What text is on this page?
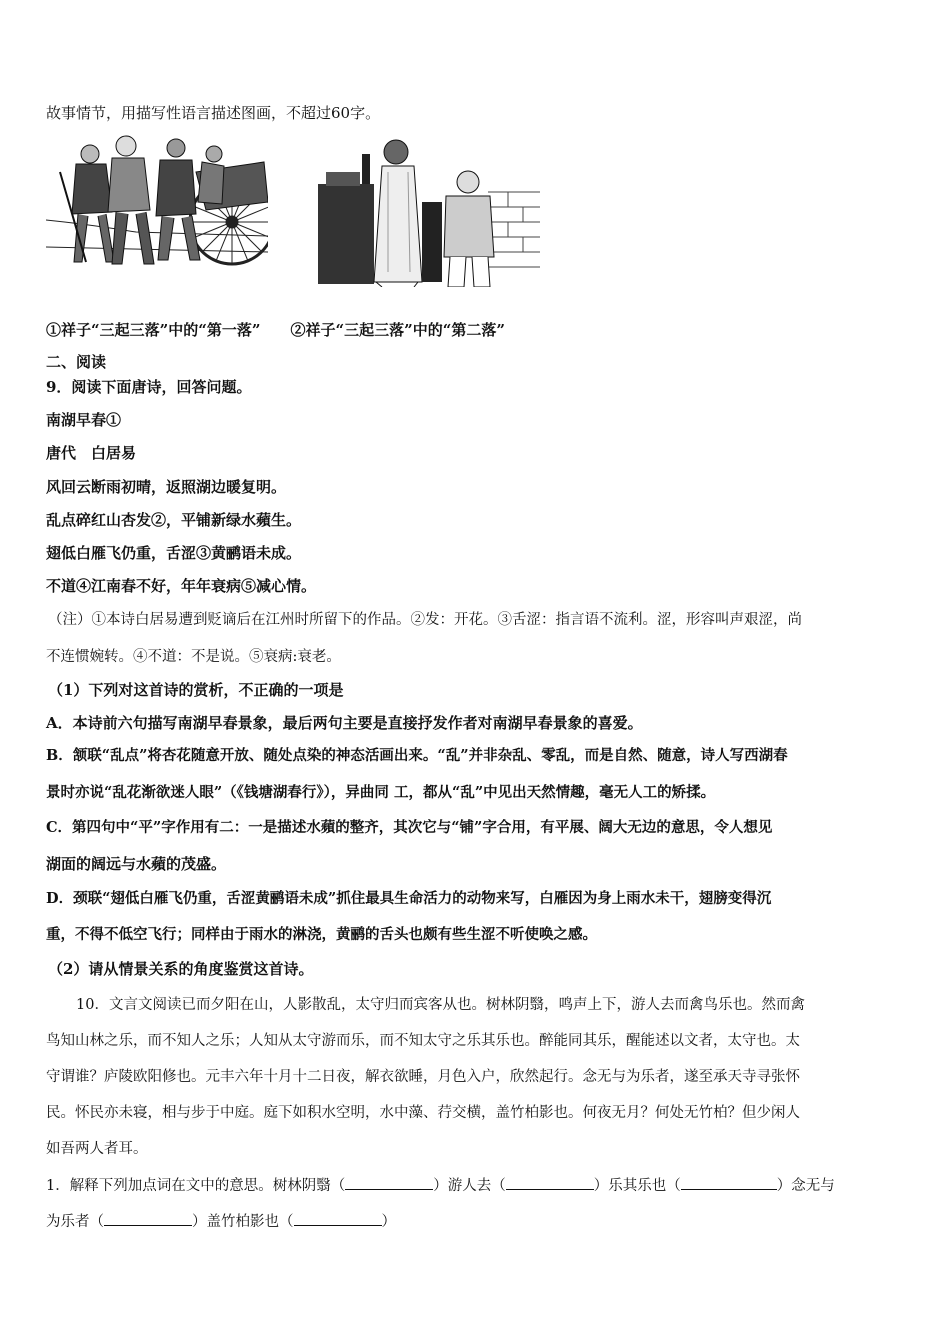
故事情节，用描写性语言描述图画，不超过60字。
①祥子“三起三落”中的“第一落” ②祥子“三起三落”中的“第二落”
二、阅读
9．阅读下面唐诗，回答问题。
南湖早春①
唐代　白居易
风回云断雨初晴，返照湖边暖复明。
乱点碎红山杏发②，平铺新绿水蘋生。
翅低白雁飞仍重，舌涩③黄鹂语未成。
不道④江南春不好，年年衰病⑤减心情。
（注）①本诗白居易遭到贬谪后在江州时所留下的作品。②发：开花。③舌涩：指言语不流利。涩，形容叫声艰涩，尚
不连惯婉转。④不道：不是说。⑤衰病:衰老。
（1）下列对这首诗的赏析，不正确的一项是
A．本诗前六句描写南湖早春景象，最后两句主要是直接抒发作者对南湖早春景象的喜爱。
B．颔联“乱点”将杏花随意开放、随处点染的神态活画出来。“乱”并非杂乱、零乱，而是自然、随意，诗人写西湖春
景时亦说“乱花渐欲迷人眼”（《钱塘湖春行》），异曲同 工，都从“乱”中见出天然情趣，毫无人工的矫揉。
C．第四句中“平”字作用有二：一是描述水蘋的整齐，其次它与“铺”字合用，有平展、阔大无边的意思，令人想见
湖面的阔远与水蘋的茂盛。
D．颈联“翅低白雁飞仍重，舌涩黄鹂语未成”抓住最具生命活力的动物来写，白雁因为身上雨水未干，翅膀变得沉
重，不得不低空飞行；同样由于雨水的淋浇，黄鹂的舌头也颇有些生涩不听使唤之感。
（2）请从情景关系的角度鉴赏这首诗。
10．文言文阅读已而夕阳在山，人影散乱，太守归而宾客从也。树林阴翳，鸣声上下，游人去而禽鸟乐也。然而禽
鸟知山林之乐，而不知人之乐；人知从太守游而乐，而不知太守之乐其乐也。醉能同其乐，醒能述以文者，太守也。太
守谓谁？庐陵欧阳修也。元丰六年十月十二日夜，解衣欲睡，月色入户，欣然起行。念无与为乐者，遂至承天寺寻张怀
民。怀民亦未寝，相与步于中庭。庭下如积水空明，水中藻、荇交横，盖竹柏影也。何夜无月？何处无竹柏？但少闲人
如吾两人者耳。
1．解释下列加点词在文中的意思。树林阴翳（	）游人去（	）乐其乐也（	）念无与
为乐者（	）盖竹柏影也（	）
